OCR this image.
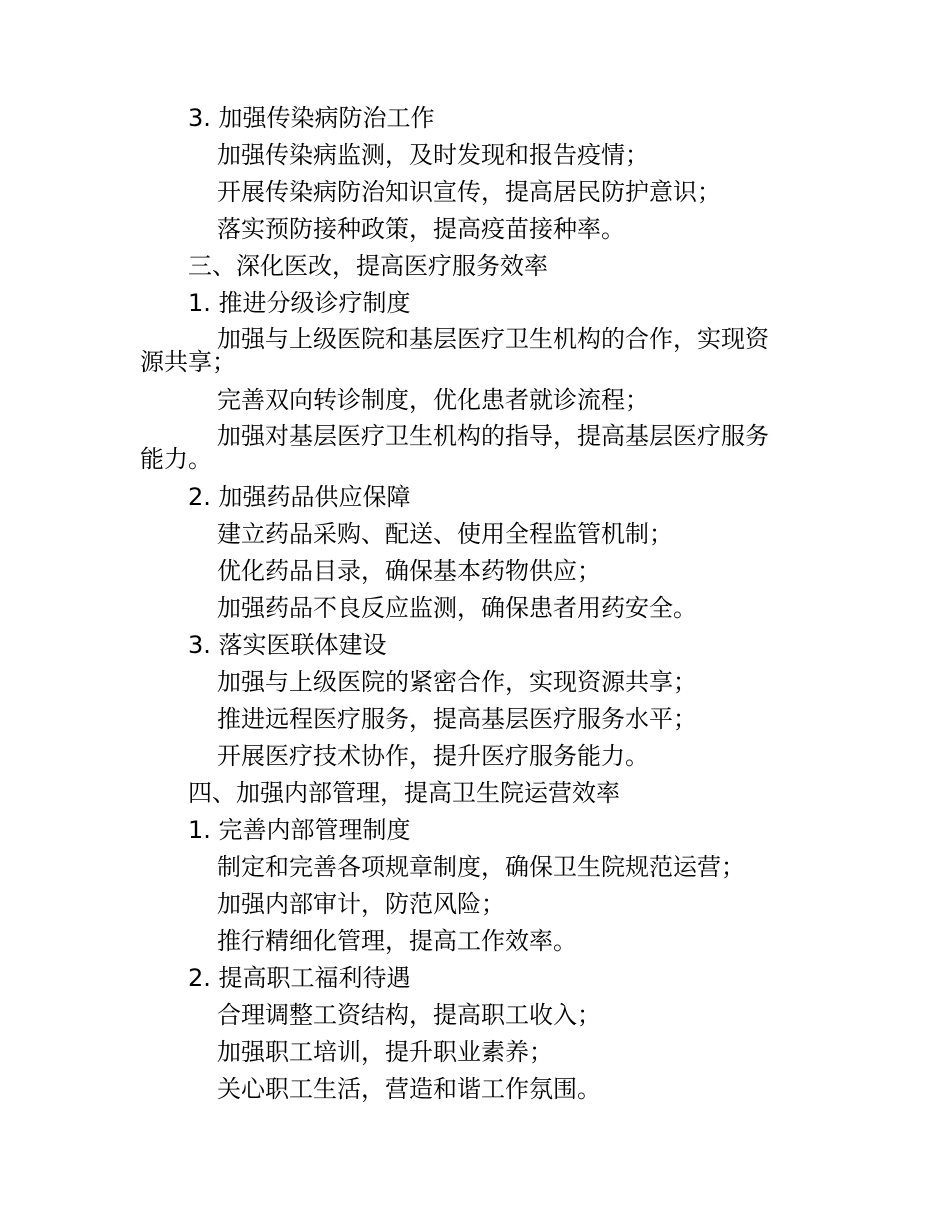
3. 加强传染病防治工作
加强传染病监测，及时发现和报告疫情；
开展传染病防治知识宣传，提高居民防护意识；
落实预防接种政策，提高疫苗接种率。
三、深化医改，提高医疗服务效率
1. 推进分级诊疗制度
加强与上级医院和基层医疗卫生机构的合作，实现资源共享；
完善双向转诊制度，优化患者就诊流程；
加强对基层医疗卫生机构的指导，提高基层医疗服务能力。
2. 加强药品供应保障
建立药品采购、配送、使用全程监管机制；
优化药品目录，确保基本药物供应；
加强药品不良反应监测，确保患者用药安全。
3. 落实医联体建设
加强与上级医院的紧密合作，实现资源共享；
推进远程医疗服务，提高基层医疗服务水平；
开展医疗技术协作，提升医疗服务能力。
四、加强内部管理，提高卫生院运营效率
1. 完善内部管理制度
制定和完善各项规章制度，确保卫生院规范运营；
加强内部审计，防范风险；
推行精细化管理，提高工作效率。
2. 提高职工福利待遇
合理调整工资结构，提高职工收入；
加强职工培训，提升职业素养；
关心职工生活，营造和谐工作氛围。
